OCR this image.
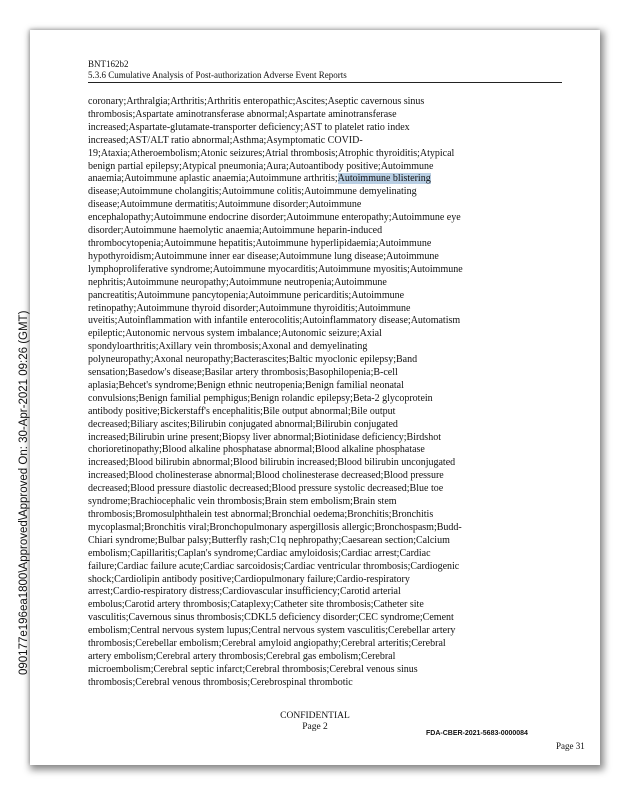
BNT162b2
5.3.6 Cumulative Analysis of Post-authorization Adverse Event Reports
coronary;Arthralgia;Arthritis;Arthritis enteropathic;Ascites;Aseptic cavernous sinus
thrombosis;Aspartate aminotransferase abnormal;Aspartate aminotransferase
increased;Aspartate-glutamate-transporter deficiency;AST to platelet ratio index
increased;AST/ALT ratio abnormal;Asthma;Asymptomatic COVID-
19;Ataxia;Atheroembolism;Atonic seizures;Atrial thrombosis;Atrophic thyroiditis;Atypical
benign partial epilepsy;Atypical pneumonia;Aura;Autoantibody positive;Autoimmune
anaemia;Autoimmune aplastic anaemia;Autoimmune arthritis;Autoimmune blistering
disease;Autoimmune cholangitis;Autoimmune colitis;Autoimmune demyelinating
disease;Autoimmune dermatitis;Autoimmune disorder;Autoimmune
encephalopathy;Autoimmune endocrine disorder;Autoimmune enteropathy;Autoimmune eye
disorder;Autoimmune haemolytic anaemia;Autoimmune heparin-induced
thrombocytopenia;Autoimmune hepatitis;Autoimmune hyperlipidaemia;Autoimmune
hypothyroidism;Autoimmune inner ear disease;Autoimmune lung disease;Autoimmune
lymphoproliferative syndrome;Autoimmune myocarditis;Autoimmune myositis;Autoimmune
nephritis;Autoimmune neuropathy;Autoimmune neutropenia;Autoimmune
pancreatitis;Autoimmune pancytopenia;Autoimmune pericarditis;Autoimmune
retinopathy;Autoimmune thyroid disorder;Autoimmune thyroiditis;Autoimmune
uveitis;Autoinflammation with infantile enterocolitis;Autoinflammatory disease;Automatism
epileptic;Autonomic nervous system imbalance;Autonomic seizure;Axial
spondyloarthritis;Axillary vein thrombosis;Axonal and demyelinating
polyneuropathy;Axonal neuropathy;Bacterascites;Baltic myoclonic epilepsy;Band
sensation;Basedow's disease;Basilar artery thrombosis;Basophilopenia;B-cell
aplasia;Behcet's syndrome;Benign ethnic neutropenia;Benign familial neonatal
convulsions;Benign familial pemphigus;Benign rolandic epilepsy;Beta-2 glycoprotein
antibody positive;Bickerstaff's encephalitis;Bile output abnormal;Bile output
decreased;Biliary ascites;Bilirubin conjugated abnormal;Bilirubin conjugated
increased;Bilirubin urine present;Biopsy liver abnormal;Biotinidase deficiency;Birdshot
chorioretinopathy;Blood alkaline phosphatase abnormal;Blood alkaline phosphatase
increased;Blood bilirubin abnormal;Blood bilirubin increased;Blood bilirubin unconjugated
increased;Blood cholinesterase abnormal;Blood cholinesterase decreased;Blood pressure
decreased;Blood pressure diastolic decreased;Blood pressure systolic decreased;Blue toe
syndrome;Brachiocephalic vein thrombosis;Brain stem embolism;Brain stem
thrombosis;Bromosulphthalein test abnormal;Bronchial oedema;Bronchitis;Bronchitis
mycoplasmal;Bronchitis viral;Bronchopulmonary aspergillosis allergic;Bronchospasm;Budd-
Chiari syndrome;Bulbar palsy;Butterfly rash;C1q nephropathy;Caesarean section;Calcium
embolism;Capillaritis;Caplan's syndrome;Cardiac amyloidosis;Cardiac arrest;Cardiac
failure;Cardiac failure acute;Cardiac sarcoidosis;Cardiac ventricular thrombosis;Cardiogenic
shock;Cardiolipin antibody positive;Cardiopulmonary failure;Cardio-respiratory
arrest;Cardio-respiratory distress;Cardiovascular insufficiency;Carotid arterial
embolus;Carotid artery thrombosis;Cataplexy;Catheter site thrombosis;Catheter site
vasculitis;Cavernous sinus thrombosis;CDKL5 deficiency disorder;CEC syndrome;Cement
embolism;Central nervous system lupus;Central nervous system vasculitis;Cerebellar artery
thrombosis;Cerebellar embolism;Cerebral amyloid angiopathy;Cerebral arteritis;Cerebral
artery embolism;Cerebral artery thrombosis;Cerebral gas embolism;Cerebral
microembolism;Cerebral septic infarct;Cerebral thrombosis;Cerebral venous sinus
thrombosis;Cerebral venous thrombosis;Cerebrospinal thrombotic
CONFIDENTIAL
Page 2
FDA-CBER-2021-5683-0000084
Page 31
090177e196ea1800\Approved\Approved On: 30-Apr-2021 09:26 (GMT)
